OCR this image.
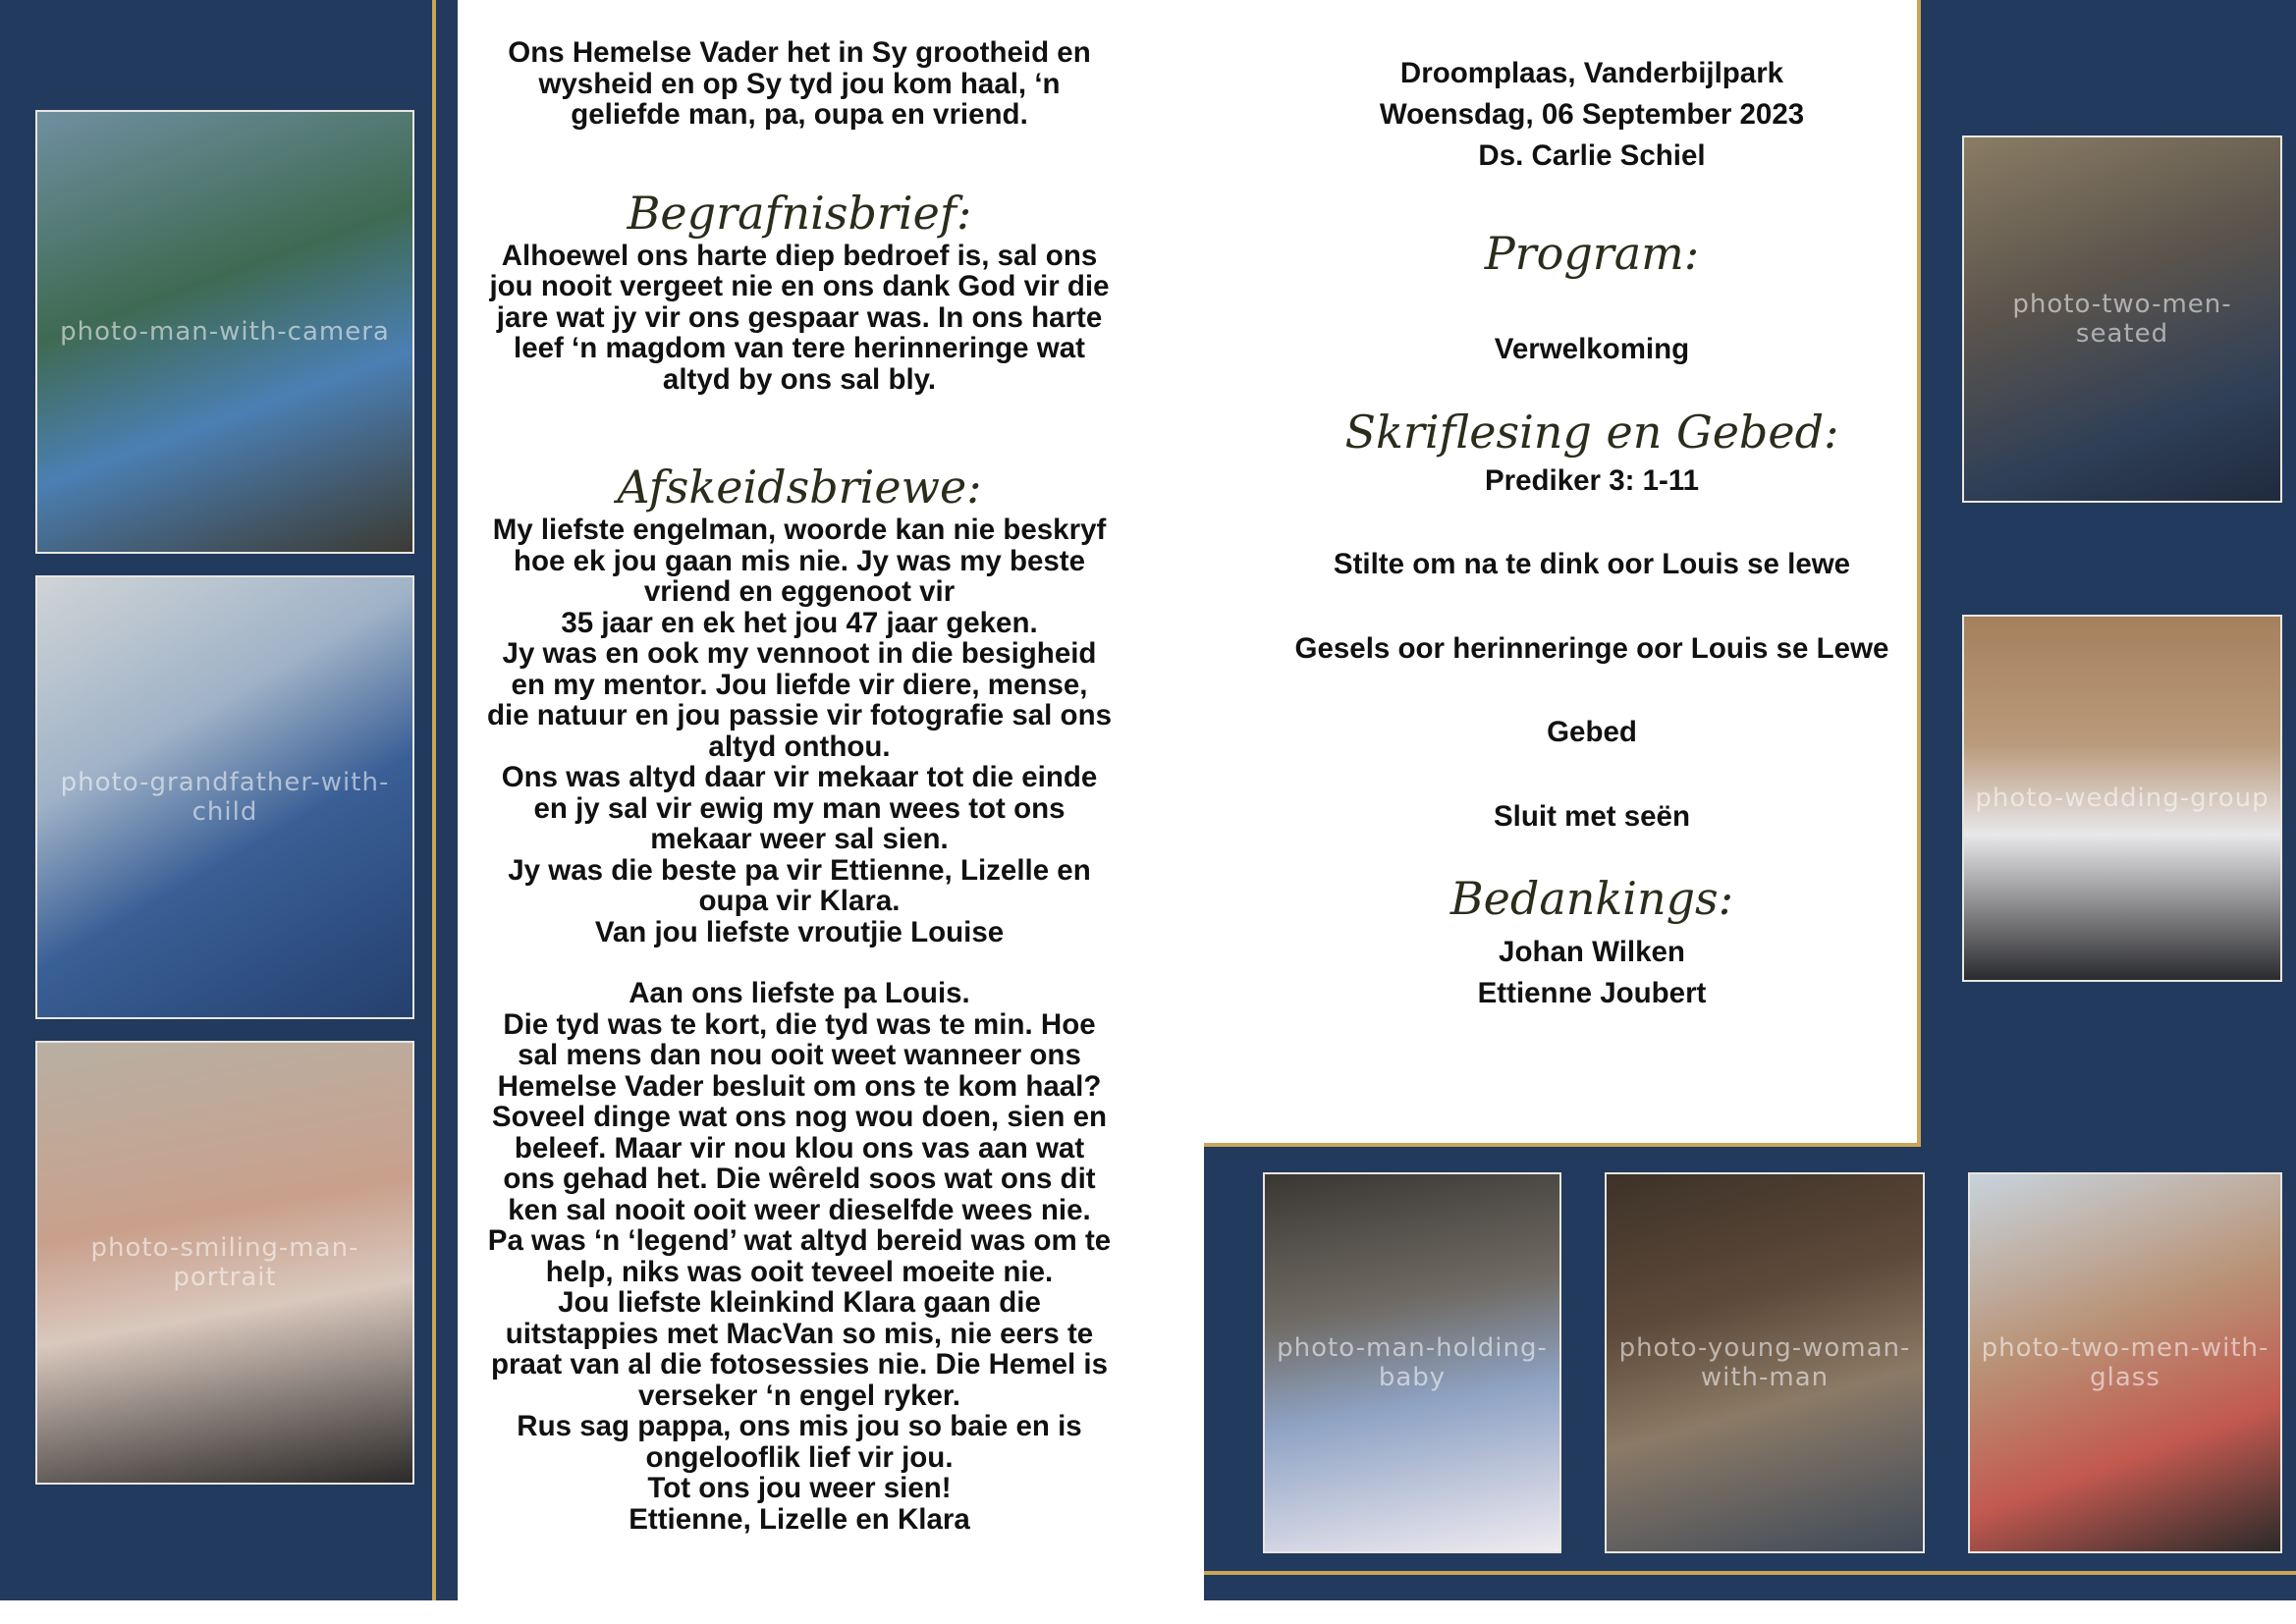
photo-man-with-camera
photo-grandfather-with-child
photo-smiling-man-portrait

Ons Hemelse Vader het in Sy grootheid en
wysheid en op Sy tyd jou kom haal, ‘n
geliefde man, pa, oupa en vriend.

Begrafnisbrief:

Alhoewel ons harte diep bedroef is, sal ons
jou nooit vergeet nie en ons dank God vir die
jare wat jy vir ons gespaar was. In ons harte
leef ‘n magdom van tere herinneringe wat
altyd by ons sal bly.

Afskeidsbriewe:

My liefste engelman, woorde kan nie beskryf
hoe ek jou gaan mis nie. Jy was my beste
vriend en eggenoot vir
35 jaar en ek het jou 47 jaar geken.
Jy was en ook my vennoot in die besigheid
en my mentor. Jou liefde vir diere, mense,
die natuur en jou passie vir fotografie sal ons
altyd onthou.
Ons was altyd daar vir mekaar tot die einde
en jy sal vir ewig my man wees tot ons
mekaar weer sal sien.
Jy was die beste pa vir Ettienne, Lizelle en
oupa vir Klara.
Van jou liefste vroutjie Louise

Aan ons liefste pa Louis.
Die tyd was te kort, die tyd was te min. Hoe
sal mens dan nou ooit weet wanneer ons
Hemelse Vader besluit om ons te kom haal?
Soveel dinge wat ons nog wou doen, sien en
beleef. Maar vir nou klou ons vas aan wat
ons gehad het. Die wêreld soos wat ons dit
ken sal nooit ooit weer dieselfde wees nie.
Pa was ‘n ‘legend’ wat altyd bereid was om te
help, niks was ooit teveel moeite nie.
Jou liefste kleinkind Klara gaan die
uitstappies met MacVan so mis, nie eers te
praat van al die fotosessies nie. Die Hemel is
verseker ‘n engel ryker.
Rus sag pappa, ons mis jou so baie en is
ongelooflik lief vir jou.
Tot ons jou weer sien!
Ettienne, Lizelle en Klara

Droomplaas, Vanderbijlpark

Woensdag, 06 September 2023

Ds. Carlie Schiel

Program:

Verwelkoming

Skriflesing en Gebed:

Prediker 3: 1-11

Stilte om na te dink oor Louis se lewe

Gesels oor herinneringe oor Louis se Lewe

Gebed

Sluit met seën

Bedankings:

Johan Wilken

Ettienne Joubert

photo-two-men-seated
photo-wedding-group
photo-man-holding-baby
photo-young-woman-with-man
photo-two-men-with-glass
